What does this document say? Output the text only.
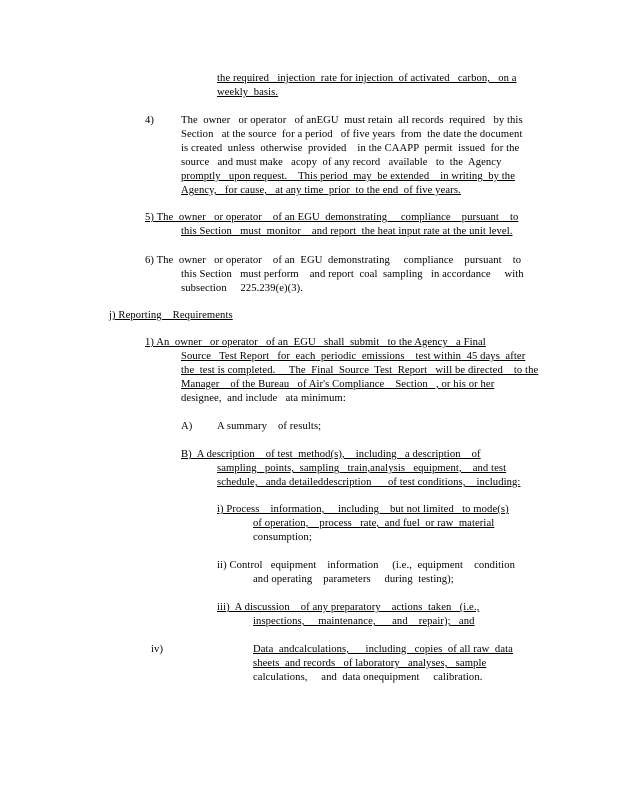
the required   injection  rate for injection  of activated   carbon,   on a
weekly  basis.
4)	The  owner   or operator   of anEGU  must retain  all records  required   by this
Section   at the source  for a period   of five years  from  the date the document
is created  unless  otherwise  provided    in the CAAPP  permit  issued  for the
source   and must make   acopy  of any record   available   to  the  Agency
promptly   upon request.    This period  may  be extended    in writing  by the
Agency,   for cause,   at any time  prior  to the end  of five years.
5) The  owner   or operator    of an EGU  demonstrating     compliance    pursuant    to
this Section   must  monitor    and report  the heat input rate at the unit level.
6) The  owner   or operator    of an  EGU  demonstrating     compliance    pursuant    to
this Section   must perform    and report  coal  sampling   in accordance     with
subsection     225.239(e)(3).
j) Reporting    Requirements
1) An  owner   or operator   of an  EGU   shall  submit   to the Agency   a Final
Source   Test Report   for  each  periodic  emissions    test within  45 days  after
the  test is completed.     The  Final  Source  Test  Report   will be directed    to the
Manager    of the Bureau   of Air's Compliance    Section   , or his or her
designee,  and include   ata minimum:
A) A summary    of results;
B)  A description    of test  method(s),    including   a description    of
sampling   points,  sampling   train,analysis   equipment,    and test
schedule,   anda detaileddescription      of test conditions,    including:
i) Process    information,     including    but not limited   to mode(s)
of operation,    process   rate,  and fuel  or raw  material
consumption;
ii) Control   equipment    information     (i.e.,  equipment    condition
and operating    parameters     during  testing);
iii)  A discussion    of any preparatory    actions  taken   (i.e.,
inspections,     maintenance,      and    repair);   and
iv)	Data  andcalculations,      including   copies  of all raw  data
sheets  and records   of laboratory   analyses,   sample
calculations,     and  data onequipment     calibration.
